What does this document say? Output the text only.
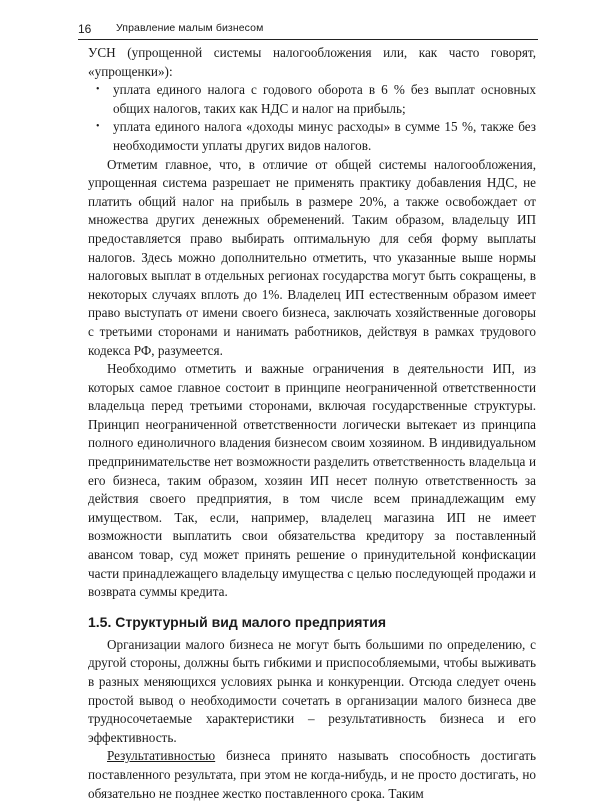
16 Управление малым бизнесом

УСН (упрощенной системы налогообложения или, как часто говорят, «упрощенки»):

• уплата единого налога с годового оборота в 6 % без выплат основных общих налогов, таких как НДС и налог на прибыль;
• уплата единого налога «доходы минус расходы» в сумме 15 %, также без необходимости уплаты других видов налогов.

Отметим главное, что, в отличие от общей системы налогообложения, упрощенная система разрешает не применять практику добавления НДС, не платить общий налог на прибыль в размере 20%, а также освобождает от множества других денежных обременений. Таким образом, владельцу ИП предоставляется право выбирать оптимальную для себя форму выплаты налогов. Здесь можно дополнительно отметить, что указанные выше нормы налоговых выплат в отдельных регионах государства могут быть сокращены, в некоторых случаях вплоть до 1%. Владелец ИП естественным образом имеет право выступать от имени своего бизнеса, заключать хозяйственные договоры с третьими сторонами и нанимать работников, действуя в рамках трудового кодекса РФ, разумеется.

Необходимо отметить и важные ограничения в деятельности ИП, из которых самое главное состоит в принципе неограниченной ответственности владельца перед третьими сторонами, включая государственные структуры. Принцип неограниченной ответственности логически вытекает из принципа полного единоличного владения бизнесом своим хозяином. В индивидуальном предпринимательстве нет возможности разделить ответственность владельца и его бизнеса, таким образом, хозяин ИП несет полную ответственность за действия своего предприятия, в том числе всем принадлежащим ему имуществом. Так, если, например, владелец магазина ИП не имеет возможности выплатить свои обязательства кредитору за поставленный авансом товар, суд может принять решение о принудительной конфискации части принадлежащего владельцу имущества с целью последующей продажи и возврата суммы кредита.

1.5. Структурный вид малого предприятия

Организации малого бизнеса не могут быть большими по определению, с другой стороны, должны быть гибкими и приспособляемыми, чтобы выживать в разных меняющихся условиях рынка и конкуренции. Отсюда следует очень простой вывод о необходимости сочетать в организации малого бизнеса две трудносочетаемые характеристики – результативность бизнеса и его эффективность.

Результативностью бизнеса принято называть способность достигать поставленного результата, при этом не когда-нибудь, и не просто достигать, но обязательно не позднее жестко поставленного срока. Таким
